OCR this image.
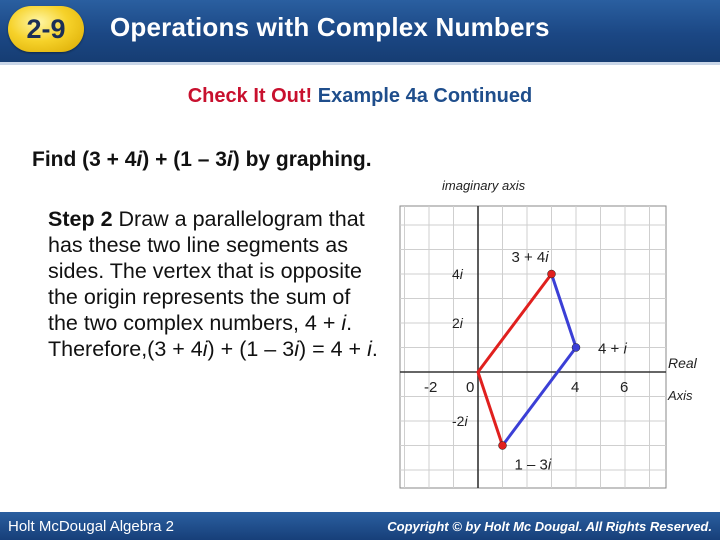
2-9	Operations with Complex Numbers
Check It Out! Example 4a Continued
Find (3 + 4i) + (1 – 3i) by graphing.
Step 2 Draw a parallelogram that has these two line segments as sides. The vertex that is opposite the origin represents the sum of the two complex numbers, 4 + i. Therefore,(3 + 4i) + (1 – 3i) = 4 + i.
imaginary axis
Real
Axis
-2 0	4	6
4i
2i
-2i
3 + 4i
4 + i
1 – 3i
Holt McDougal Algebra 2	Copyright © by Holt Mc Dougal. All Rights Reserved.
